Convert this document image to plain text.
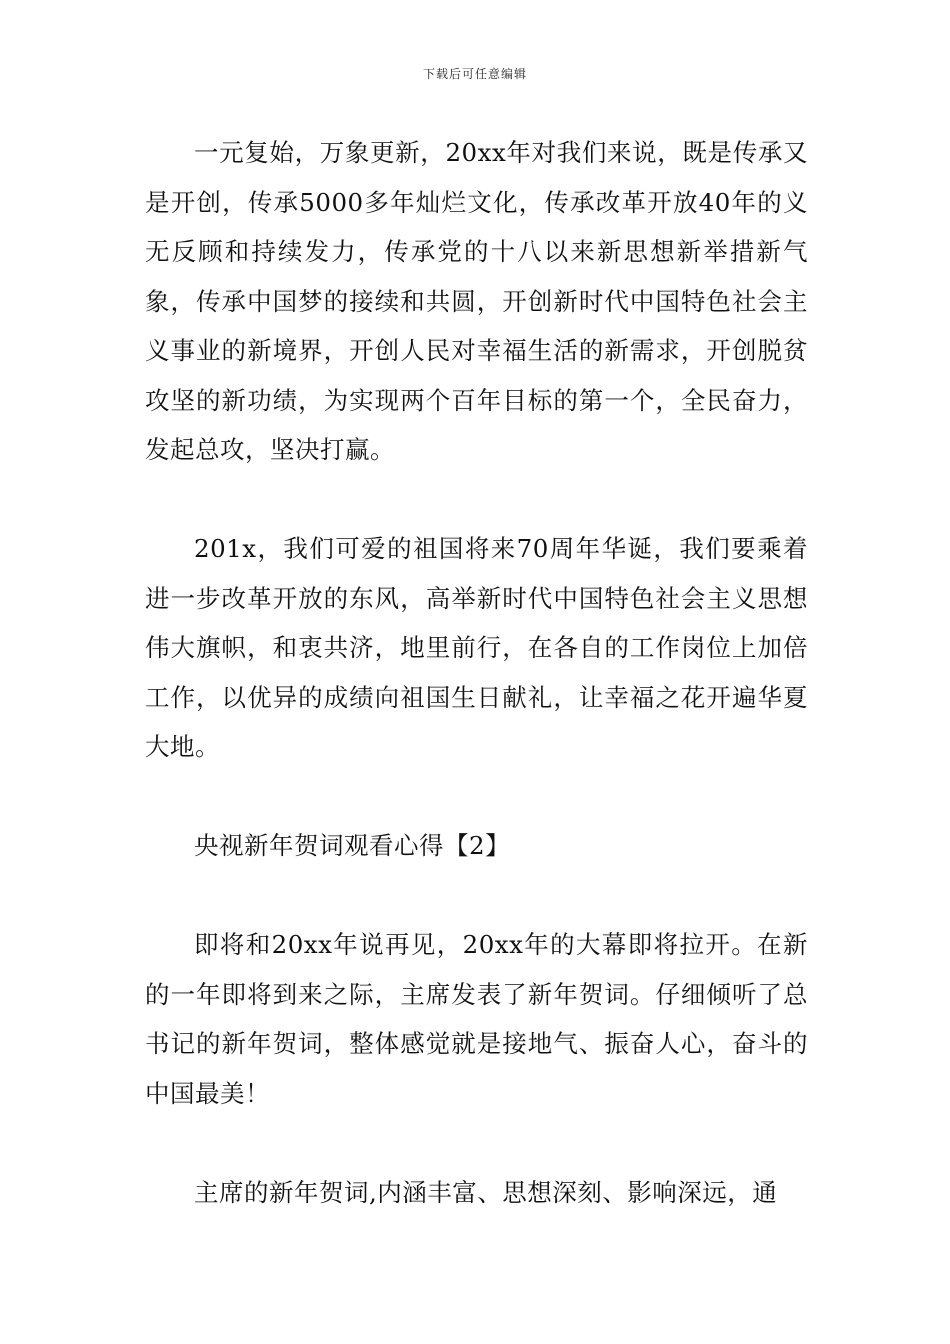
下载后可任意编辑

一元复始，万象更新，20xx年对我们来说，既是传承又是开创，传承5000多年灿烂文化，传承改革开放40年的义无反顾和持续发力，传承党的十八以来新思想新举措新气象，传承中国梦的接续和共圆，开创新时代中国特色社会主义事业的新境界，开创人民对幸福生活的新需求，开创脱贫攻坚的新功绩，为实现两个百年目标的第一个，全民奋力，发起总攻，坚决打赢。

201x，我们可爱的祖国将来70周年华诞，我们要乘着进一步改革开放的东风，高举新时代中国特色社会主义思想伟大旗帜，和衷共济，地里前行，在各自的工作岗位上加倍工作，以优异的成绩向祖国生日献礼，让幸福之花开遍华夏大地。

央视新年贺词观看心得【2】

即将和20xx年说再见，20xx年的大幕即将拉开。在新的一年即将到来之际，主席发表了新年贺词。仔细倾听了总书记的新年贺词，整体感觉就是接地气、振奋人心，奋斗的中国最美！

主席的新年贺词,内涵丰富、思想深刻、影响深远，通
